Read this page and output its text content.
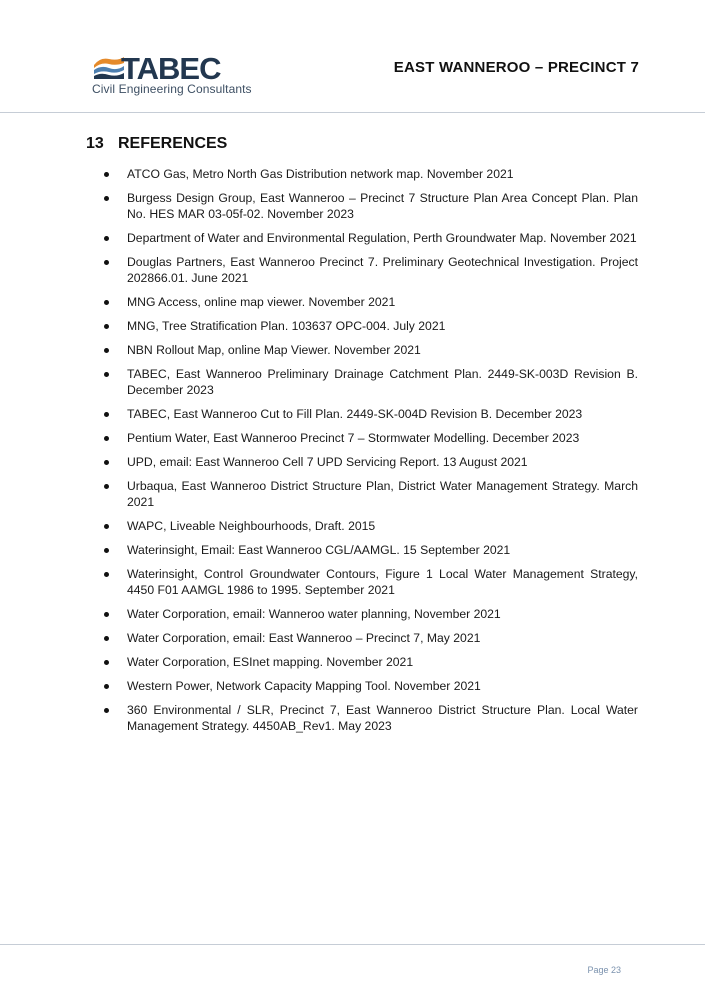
TABEC
Civil Engineering Consultants
EAST WANNEROO – PRECINCT 7
13 REFERENCES
ATCO Gas, Metro North Gas Distribution network map. November 2021
Burgess Design Group, East Wanneroo – Precinct 7 Structure Plan Area Concept Plan. Plan No. HES MAR 03-05f-02. November 2023
Department of Water and Environmental Regulation, Perth Groundwater Map. November 2021
Douglas Partners, East Wanneroo Precinct 7. Preliminary Geotechnical Investigation. Project 202866.01. June 2021
MNG Access, online map viewer. November 2021
MNG, Tree Stratification Plan. 103637 OPC-004. July 2021
NBN Rollout Map, online Map Viewer. November 2021
TABEC, East Wanneroo Preliminary Drainage Catchment Plan. 2449-SK-003D Revision B. December 2023
TABEC, East Wanneroo Cut to Fill Plan. 2449-SK-004D Revision B. December 2023
Pentium Water, East Wanneroo Precinct 7 – Stormwater Modelling. December 2023
UPD, email: East Wanneroo Cell 7 UPD Servicing Report. 13 August 2021
Urbaqua, East Wanneroo District Structure Plan, District Water Management Strategy. March 2021
WAPC, Liveable Neighbourhoods, Draft. 2015
Waterinsight, Email: East Wanneroo CGL/AAMGL. 15 September 2021
Waterinsight, Control Groundwater Contours, Figure 1 Local Water Management Strategy, 4450 F01 AAMGL 1986 to 1995. September 2021
Water Corporation, email: Wanneroo water planning, November 2021
Water Corporation, email: East Wanneroo – Precinct 7, May 2021
Water Corporation, ESInet mapping. November 2021
Western Power, Network Capacity Mapping Tool. November 2021
360 Environmental / SLR, Precinct 7, East Wanneroo District Structure Plan. Local Water Management Strategy. 4450AB_Rev1. May 2023
Page 23
